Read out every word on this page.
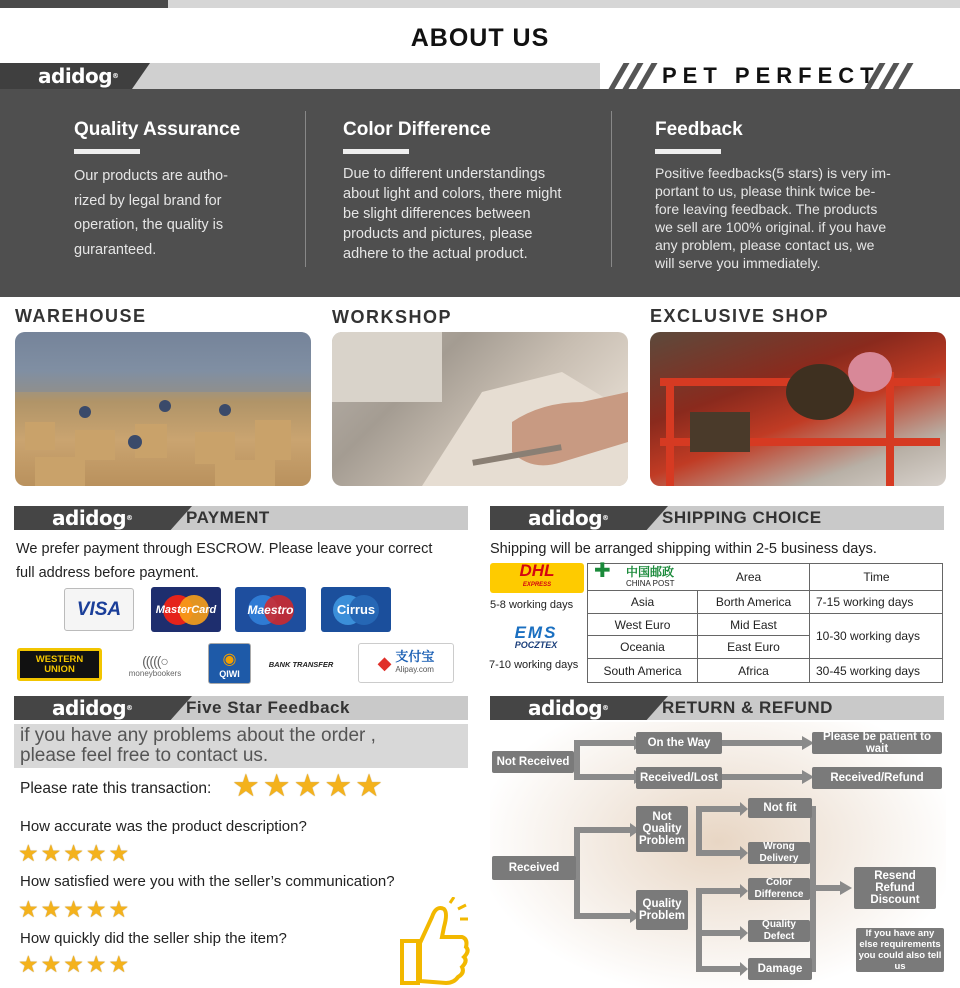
ABOUT US
adidog®	PET PERFECT
Quality Assurance

Our products are autho-
rized by legal brand for
operation, the quality is
guraranteed.

Color Difference

Due to different understandings
about light and colors, there might
be slight differences between
products and pictures, please
adhere to the actual product.

Feedback

Positive feedbacks(5 stars) is very im-
portant to us, please think twice be-
fore leaving feedback. The products
we sell are 100% original. if you have
any problem, please contact us, we
will serve you immediately.

WAREHOUSE	WORKSHOP	EXCLUSIVE SHOP
adidog®	PAYMENT
We prefer payment through ESCROW. Please leave your correct
full address before payment.
VISA	MasterCard	Maestro	Cirrus
WESTERN
UNION
(((((○
moneybookers
◉
QIWI
BANK TRANSFER ◆ 支付宝
Alipay.com
adidog®	SHIPPING CHOICE
Shipping will be arranged shipping within 2-5 business days.
DHL
EXPRESS
5-8 working days
EMS
POCZTEX
7-10 working days
中国邮政
CHINA POST
✚	Area	Time
Asia	Borth America	7-15 working days
West Euro	Mid East
Oceania	East Euro
10-30 working days
South America	Africa	30-45 working days
adidog®	Five Star Feedback
if you have any problems about the order ,
please feel free to contact us.
Please rate this transaction: ★★★★★
How accurate was the product description?
★★★★★
How satisfied were you with the seller’s communication?
★★★★★
How quickly did the seller ship the item?
★★★★★
adidog®	RETURN & REFUND
Not Received
On the Way	Please be patient to wait
Received/Lost	Received/Refund
Received
Not Quality Problem
Not fit
Wrong Delivery
Quality Problem
Color Difference
Quality Defect
Damage
Resend Refund Discount
If you have any else requirements you could also tell us
